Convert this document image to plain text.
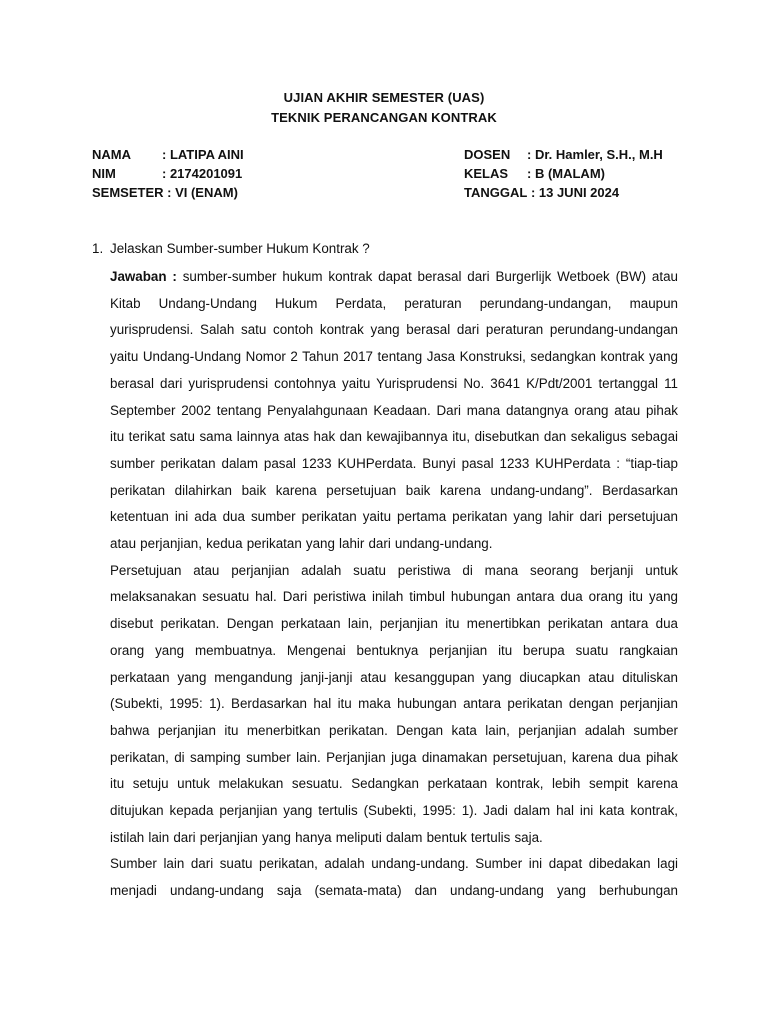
UJIAN AKHIR SEMESTER (UAS)
TEKNIK PERANCANGAN KONTRAK
NAMA : LATIPA AINI
NIM	: 2174201091
SEMSETER : VI (ENAM)
DOSEN : Dr. Hamler, S.H., M.H
KELAS : B (MALAM)
TANGGAL : 13 JUNI 2024
1. Jelaskan Sumber-sumber Hukum Kontrak ?

Jawaban : sumber-sumber hukum kontrak dapat berasal dari Burgerlijk Wetboek (BW) atau Kitab Undang-Undang Hukum Perdata, peraturan perundang-undangan, maupun yurisprudensi. Salah satu contoh kontrak yang berasal dari peraturan perundang-undangan yaitu Undang-Undang Nomor 2 Tahun 2017 tentang Jasa Konstruksi, sedangkan kontrak yang berasal dari yurisprudensi contohnya yaitu Yurisprudensi No. 3641 K/Pdt/2001 tertanggal 11 September 2002 tentang Penyalahgunaan Keadaan. Dari mana datangnya orang atau pihak itu terikat satu sama lainnya atas hak dan kewajibannya itu, disebutkan dan sekaligus sebagai sumber perikatan dalam pasal 1233 KUHPerdata. Bunyi pasal 1233 KUHPerdata : “tiap-tiap perikatan dilahirkan baik karena persetujuan baik karena undang-undang”. Berdasarkan ketentuan ini ada dua sumber perikatan yaitu pertama perikatan yang lahir dari persetujuan atau perjanjian, kedua perikatan yang lahir dari undang-undang.

Persetujuan atau perjanjian adalah suatu peristiwa di mana seorang berjanji untuk melaksanakan sesuatu hal. Dari peristiwa inilah timbul hubungan antara dua orang itu yang disebut perikatan. Dengan perkataan lain, perjanjian itu menertibkan perikatan antara dua orang yang membuatnya. Mengenai bentuknya perjanjian itu berupa suatu rangkaian perkataan yang mengandung janji-janji atau kesanggupan yang diucapkan atau dituliskan (Subekti, 1995: 1). Berdasarkan hal itu maka hubungan antara perikatan dengan perjanjian bahwa perjanjian itu menerbitkan perikatan. Dengan kata lain, perjanjian adalah sumber perikatan, di samping sumber lain. Perjanjian juga dinamakan persetujuan, karena dua pihak itu setuju untuk melakukan sesuatu. Sedangkan perkataan kontrak, lebih sempit karena ditujukan kepada perjanjian yang tertulis (Subekti, 1995: 1). Jadi dalam hal ini kata kontrak, istilah lain dari perjanjian yang hanya meliputi dalam bentuk tertulis saja.

Sumber lain dari suatu perikatan, adalah undang-undang. Sumber ini dapat dibedakan lagi menjadi undang-undang saja (semata-mata) dan undang-undang yang berhubungan
